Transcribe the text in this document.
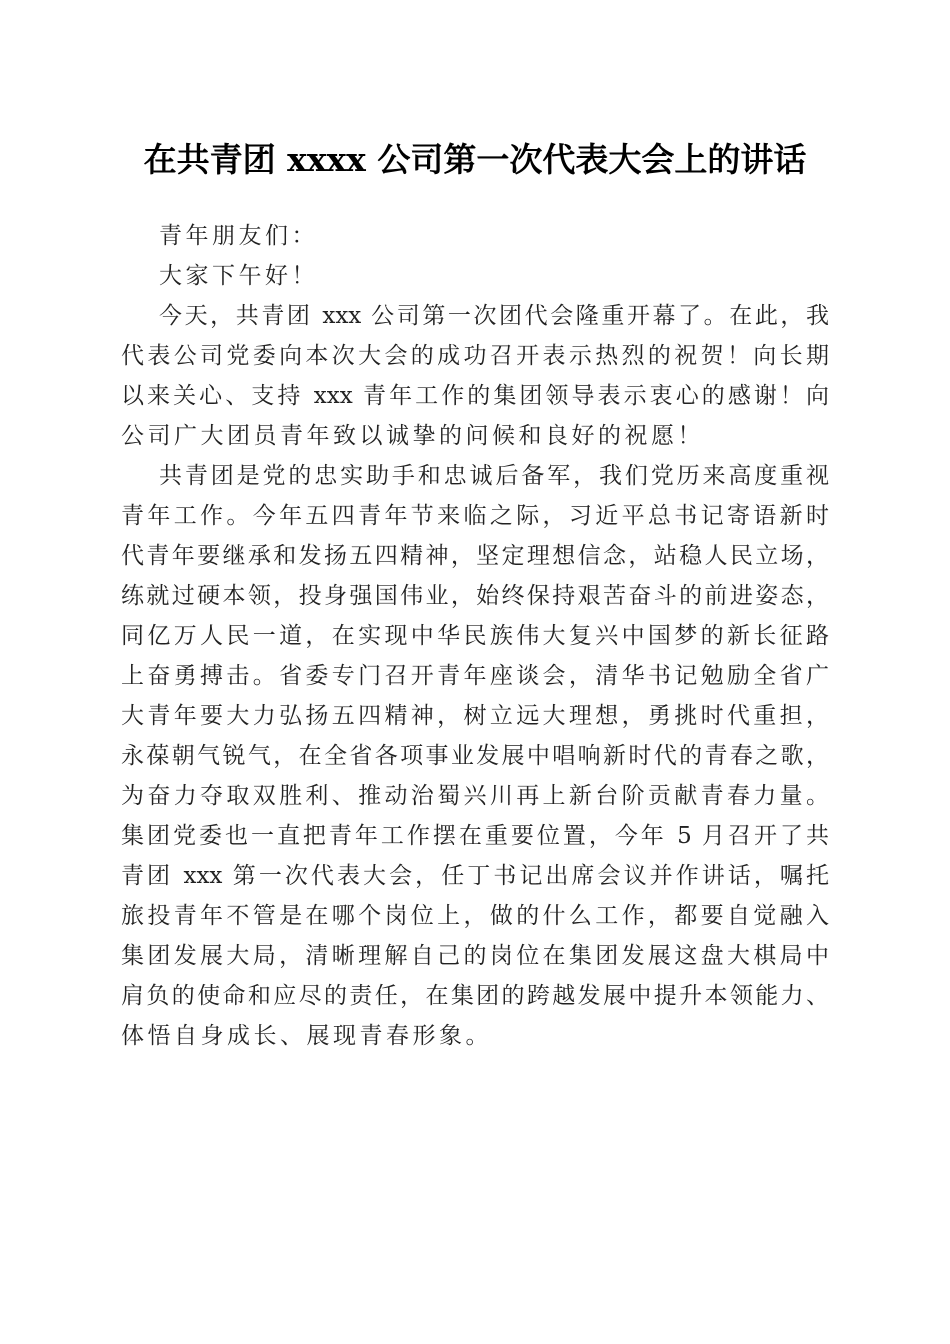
在共青团 xxxx 公司第一次代表大会上的讲话
青年朋友们：
大家下午好！
今天，共青团 xxx 公司第一次团代会隆重开幕了。在此，我
代表公司党委向本次大会的成功召开表示热烈的祝贺！向长期
以来关心、支持 xxx 青年工作的集团领导表示衷心的感谢！向
公司广大团员青年致以诚挚的问候和良好的祝愿！
共青团是党的忠实助手和忠诚后备军，我们党历来高度重视
青年工作。今年五四青年节来临之际，习近平总书记寄语新时
代青年要继承和发扬五四精神，坚定理想信念，站稳人民立场，
练就过硬本领，投身强国伟业，始终保持艰苦奋斗的前进姿态，
同亿万人民一道，在实现中华民族伟大复兴中国梦的新长征路
上奋勇搏击。省委专门召开青年座谈会，清华书记勉励全省广
大青年要大力弘扬五四精神，树立远大理想，勇挑时代重担，
永葆朝气锐气，在全省各项事业发展中唱响新时代的青春之歌，
为奋力夺取双胜利、推动治蜀兴川再上新台阶贡献青春力量。
集团党委也一直把青年工作摆在重要位置，今年 5 月召开了共
青团 xxx 第一次代表大会，任丁书记出席会议并作讲话，嘱托
旅投青年不管是在哪个岗位上，做的什么工作，都要自觉融入
集团发展大局，清晰理解自己的岗位在集团发展这盘大棋局中
肩负的使命和应尽的责任，在集团的跨越发展中提升本领能力、
体悟自身成长、展现青春形象。
